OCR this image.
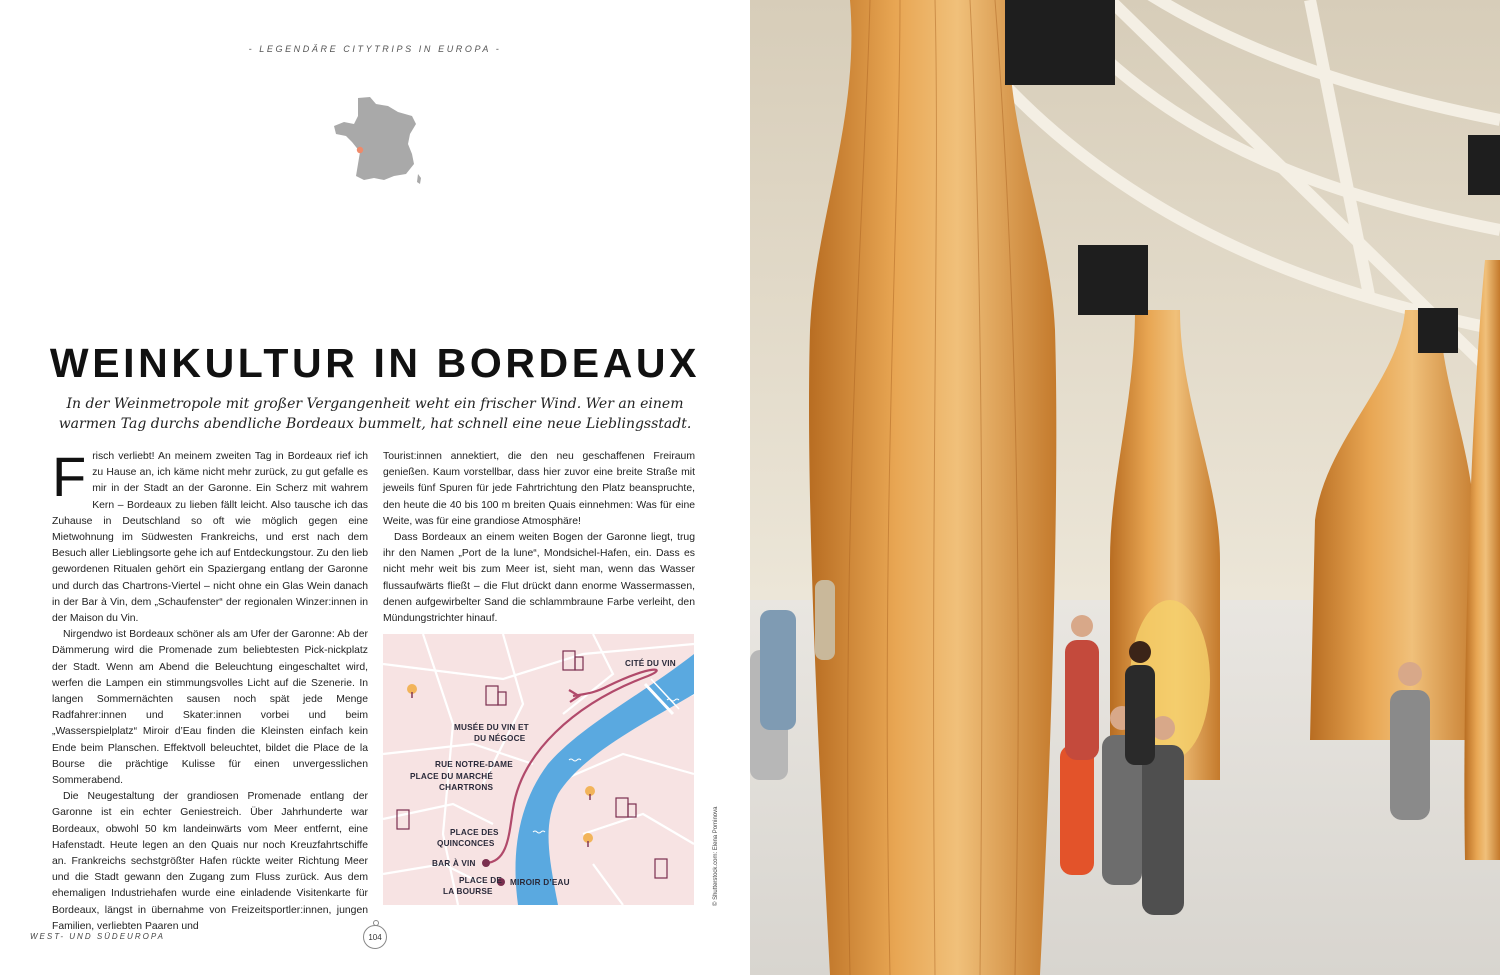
- LEGENDÄRE CITYTRIPS IN EUROPA -
WEINKULTUR IN BORDEAUX

In der Weinmetropole mit großer Vergangenheit weht ein frischer Wind. Wer an einem warmen Tag durchs abendliche Bordeaux bummelt, hat schnell eine neue Lieblingsstadt.

Frisch verliebt! An meinem zweiten Tag in Bordeaux rief ich zu Hause an, ich käme nicht mehr zurück, zu gut gefalle es mir in der Stadt an der Garonne. Ein Scherz mit wahrem Kern – Bordeaux zu lieben fällt leicht. Also tausche ich das Zuhause in Deutschland so oft wie möglich gegen eine Mietwohnung im Südwesten Frankreichs, und erst nach dem Besuch aller Lieblingsorte gehe ich auf Entdeckungstour. Zu den lieb gewordenen Ritualen gehört ein Spaziergang entlang der Garonne und durch das Chartrons-Viertel – nicht ohne ein Glas Wein danach in der Bar à Vin, dem „Schaufenster“ der regionalen Winzer:innen in der Maison du Vin.

Nirgendwo ist Bordeaux schöner als am Ufer der Garonne: Ab der Dämmerung wird die Promenade zum beliebtesten Pick-nickplatz der Stadt. Wenn am Abend die Beleuchtung eingeschaltet wird, werfen die Lampen ein stimmungsvolles Licht auf die Szenerie. In langen Sommernächten sausen noch spät jede Menge Radfahrer:innen und Skater:innen vorbei und beim „Wasserspielplatz“ Miroir d’Eau finden die Kleinsten einfach kein Ende beim Planschen. Effektvoll beleuchtet, bildet die Place de la Bourse die prächtige Kulisse für einen unvergesslichen Sommerabend.

Die Neugestaltung der grandiosen Promenade entlang der Garonne ist ein echter Geniestreich. Über Jahrhunderte war Bordeaux, obwohl 50 km landeinwärts vom Meer entfernt, eine Hafenstadt. Heute legen an den Quais nur noch Kreuzfahrtschiffe an. Frankreichs sechstgrößter Hafen rückte weiter Richtung Meer und die Stadt gewann den Zugang zum Fluss zurück. Aus dem ehemaligen Industriehafen wurde eine einladende Visitenkarte für Bordeaux, längst in übernahme von Freizeitsportler:innen, jungen Familien, verliebten Paaren und

Tourist:innen annektiert, die den neu geschaffenen Freiraum genießen. Kaum vorstellbar, dass hier zuvor eine breite Straße mit jeweils fünf Spuren für jede Fahrtrichtung den Platz beanspruchte, den heute die 40 bis 100 m breiten Quais einnehmen: Was für eine Weite, was für eine grandiose Atmosphäre!

Dass Bordeaux an einem weiten Bogen der Garonne liegt, trug ihr den Namen „Port de la lune“, Mondsichel-Hafen, ein. Dass es nicht mehr weit bis zum Meer ist, sieht man, wenn das Wasser flussaufwärts fließt – die Flut drückt dann enorme Wassermassen, denen aufgewirbelter Sand die schlammbraune Farbe verleiht, den Mündungstrichter hinauf.

CITÉ DU VIN
MUSÉE DU VIN ET
DU NÉGOCE
RUE NOTRE-DAME
PLACE DU MARCHÉ
CHARTRONS
PLACE DES
QUINCONCES
BAR À VIN
PLACE DE
LA BOURSE
MIROIR D’EAU	© Shutterstock.com: Elena Pominova
WEST- UND SÜDEUROPA	104
